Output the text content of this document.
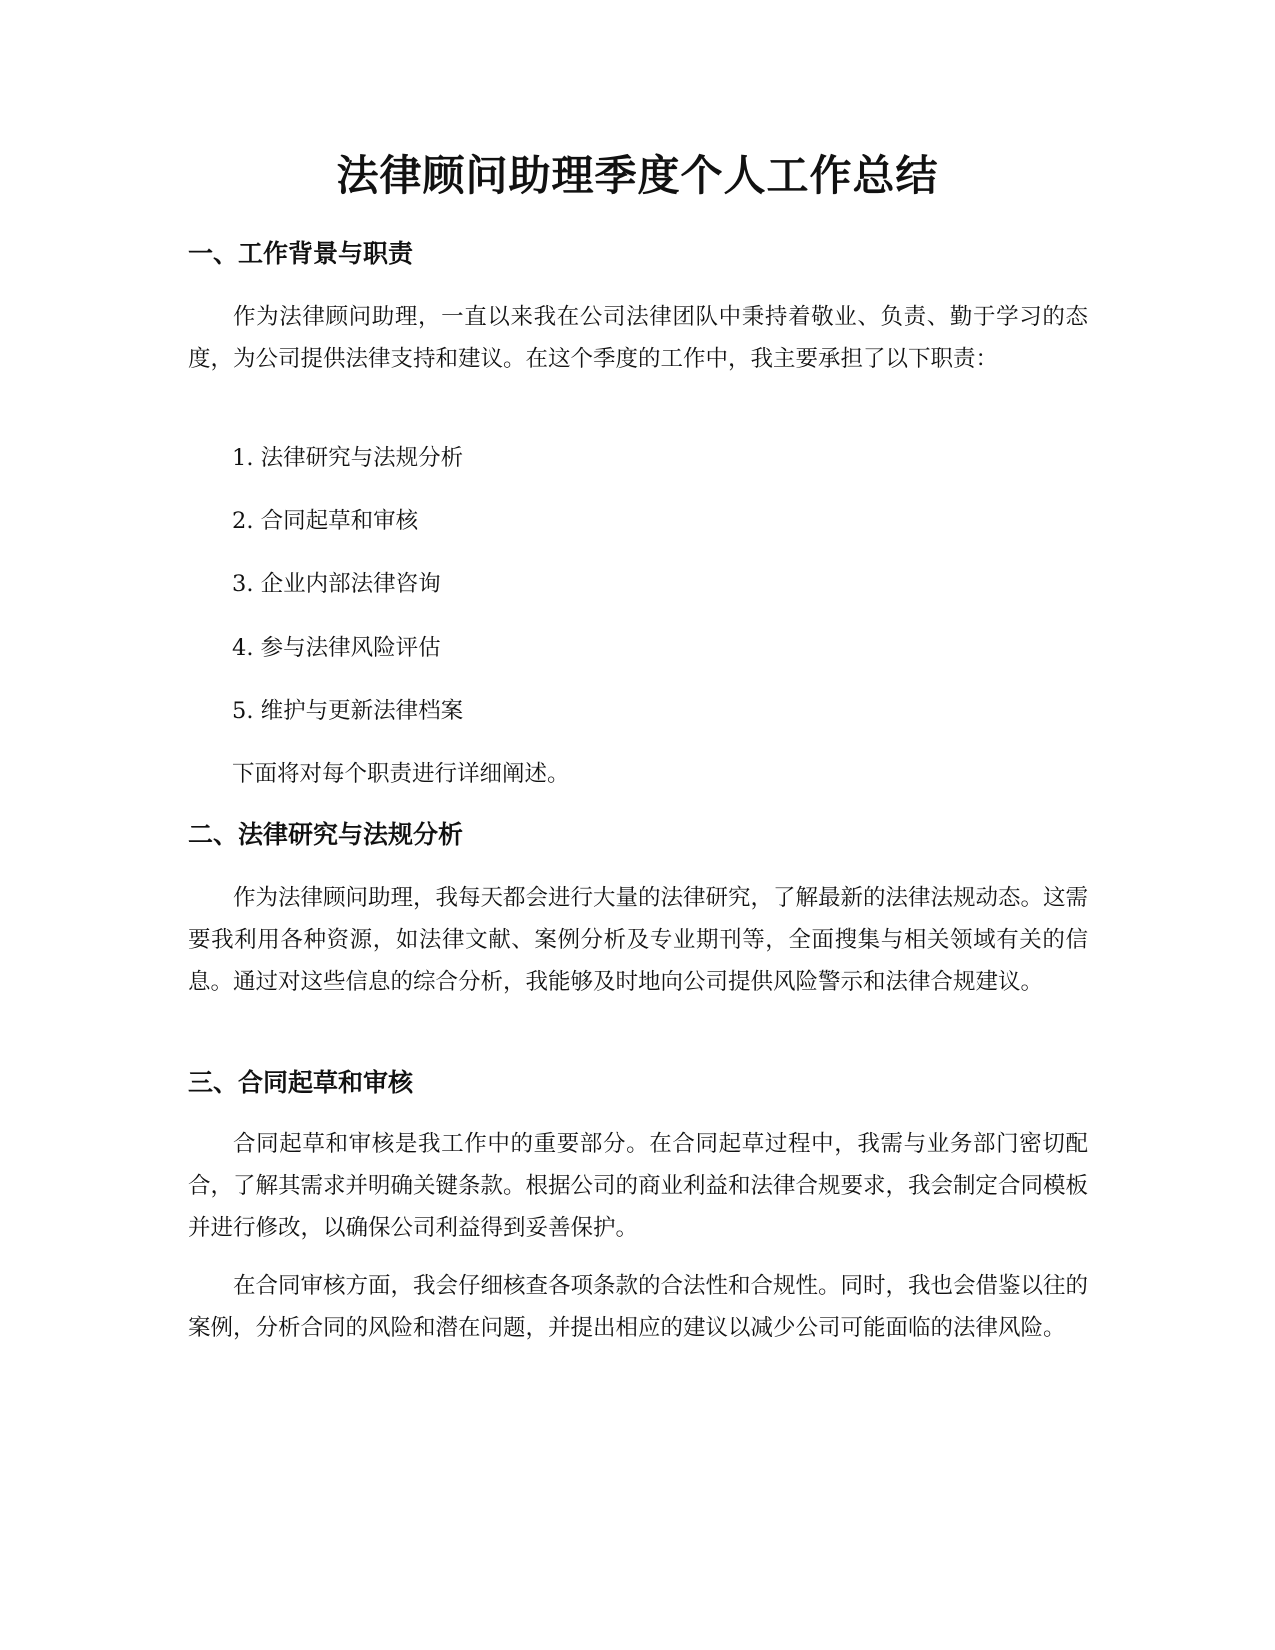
法律顾问助理季度个人工作总结
一、工作背景与职责

作为法律顾问助理，一直以来我在公司法律团队中秉持着敬业、负责、勤于学习的态度，为公司提供法律支持和建议。在这个季度的工作中，我主要承担了以下职责：

1. 法律研究与法规分析

2. 合同起草和审核

3. 企业内部法律咨询

4. 参与法律风险评估

5. 维护与更新法律档案

下面将对每个职责进行详细阐述。

二、法律研究与法规分析

作为法律顾问助理，我每天都会进行大量的法律研究，了解最新的法律法规动态。这需要我利用各种资源，如法律文献、案例分析及专业期刊等，全面搜集与相关领域有关的信息。通过对这些信息的综合分析，我能够及时地向公司提供风险警示和法律合规建议。

三、合同起草和审核

合同起草和审核是我工作中的重要部分。在合同起草过程中，我需与业务部门密切配合，了解其需求并明确关键条款。根据公司的商业利益和法律合规要求，我会制定合同模板并进行修改，以确保公司利益得到妥善保护。

在合同审核方面，我会仔细核查各项条款的合法性和合规性。同时，我也会借鉴以往的案例，分析合同的风险和潜在问题，并提出相应的建议以减少公司可能面临的法律风险。
